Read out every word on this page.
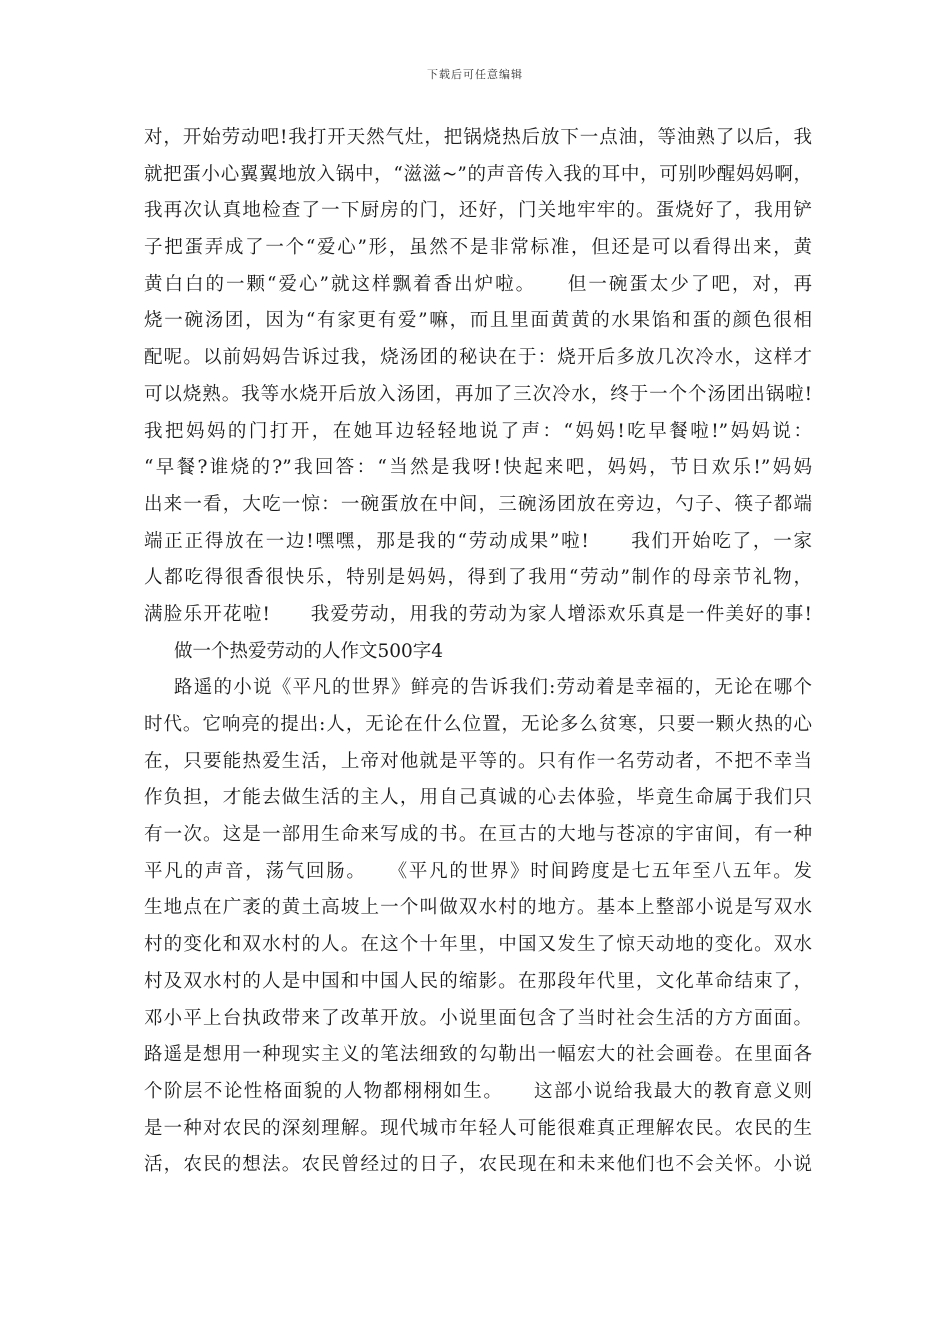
下载后可任意编辑
对，开始劳动吧!我打开天然气灶，把锅烧热后放下一点油，等油熟了以后，我
就把蛋小心翼翼地放入锅中，“滋滋~”的声音传入我的耳中，可别吵醒妈妈啊，
我再次认真地检查了一下厨房的门，还好，门关地牢牢的。蛋烧好了，我用铲
子把蛋弄成了一个“爱心”形，虽然不是非常标准，但还是可以看得出来，黄
黄白白的一颗“爱心”就这样飘着香出炉啦。　　但一碗蛋太少了吧，对，再
烧一碗汤团，因为“有家更有爱”嘛，而且里面黄黄的水果馅和蛋的颜色很相
配呢。以前妈妈告诉过我，烧汤团的秘诀在于：烧开后多放几次冷水，这样才
可以烧熟。我等水烧开后放入汤团，再加了三次冷水，终于一个个汤团出锅啦!
我把妈妈的门打开，在她耳边轻轻地说了声：“妈妈!吃早餐啦!”妈妈说：
“早餐?谁烧的?”我回答：“当然是我呀!快起来吧，妈妈，节日欢乐!”妈妈
出来一看，大吃一惊：一碗蛋放在中间，三碗汤团放在旁边，勺子、筷子都端
端正正得放在一边!嘿嘿，那是我的“劳动成果”啦!　　我们开始吃了，一家
人都吃得很香很快乐，特别是妈妈，得到了我用“劳动”制作的母亲节礼物，
满脸乐开花啦!　　我爱劳动，用我的劳动为家人增添欢乐真是一件美好的事!
做一个热爱劳动的人作文500字4
路遥的小说《平凡的世界》鲜亮的告诉我们:劳动着是幸福的，无论在哪个
时代。它响亮的提出:人，无论在什么位置，无论多么贫寒，只要一颗火热的心
在，只要能热爱生活，上帝对他就是平等的。只有作一名劳动者，不把不幸当
作负担，才能去做生活的主人，用自己真诚的心去体验，毕竟生命属于我们只
有一次。这是一部用生命来写成的书。在亘古的大地与苍凉的宇宙间，有一种
平凡的声音，荡气回肠。　　《平凡的世界》时间跨度是七五年至八五年。发
生地点在广袤的黄土高坡上一个叫做双水村的地方。基本上整部小说是写双水
村的变化和双水村的人。在这个十年里，中国又发生了惊天动地的变化。双水
村及双水村的人是中国和中国人民的缩影。在那段年代里，文化革命结束了，
邓小平上台执政带来了改革开放。小说里面包含了当时社会生活的方方面面。
路遥是想用一种现实主义的笔法细致的勾勒出一幅宏大的社会画卷。在里面各
个阶层不论性格面貌的人物都栩栩如生。　　这部小说给我最大的教育意义则
是一种对农民的深刻理解。现代城市年轻人可能很难真正理解农民。农民的生
活，农民的想法。农民曾经过的日子，农民现在和未来他们也不会关怀。小说
